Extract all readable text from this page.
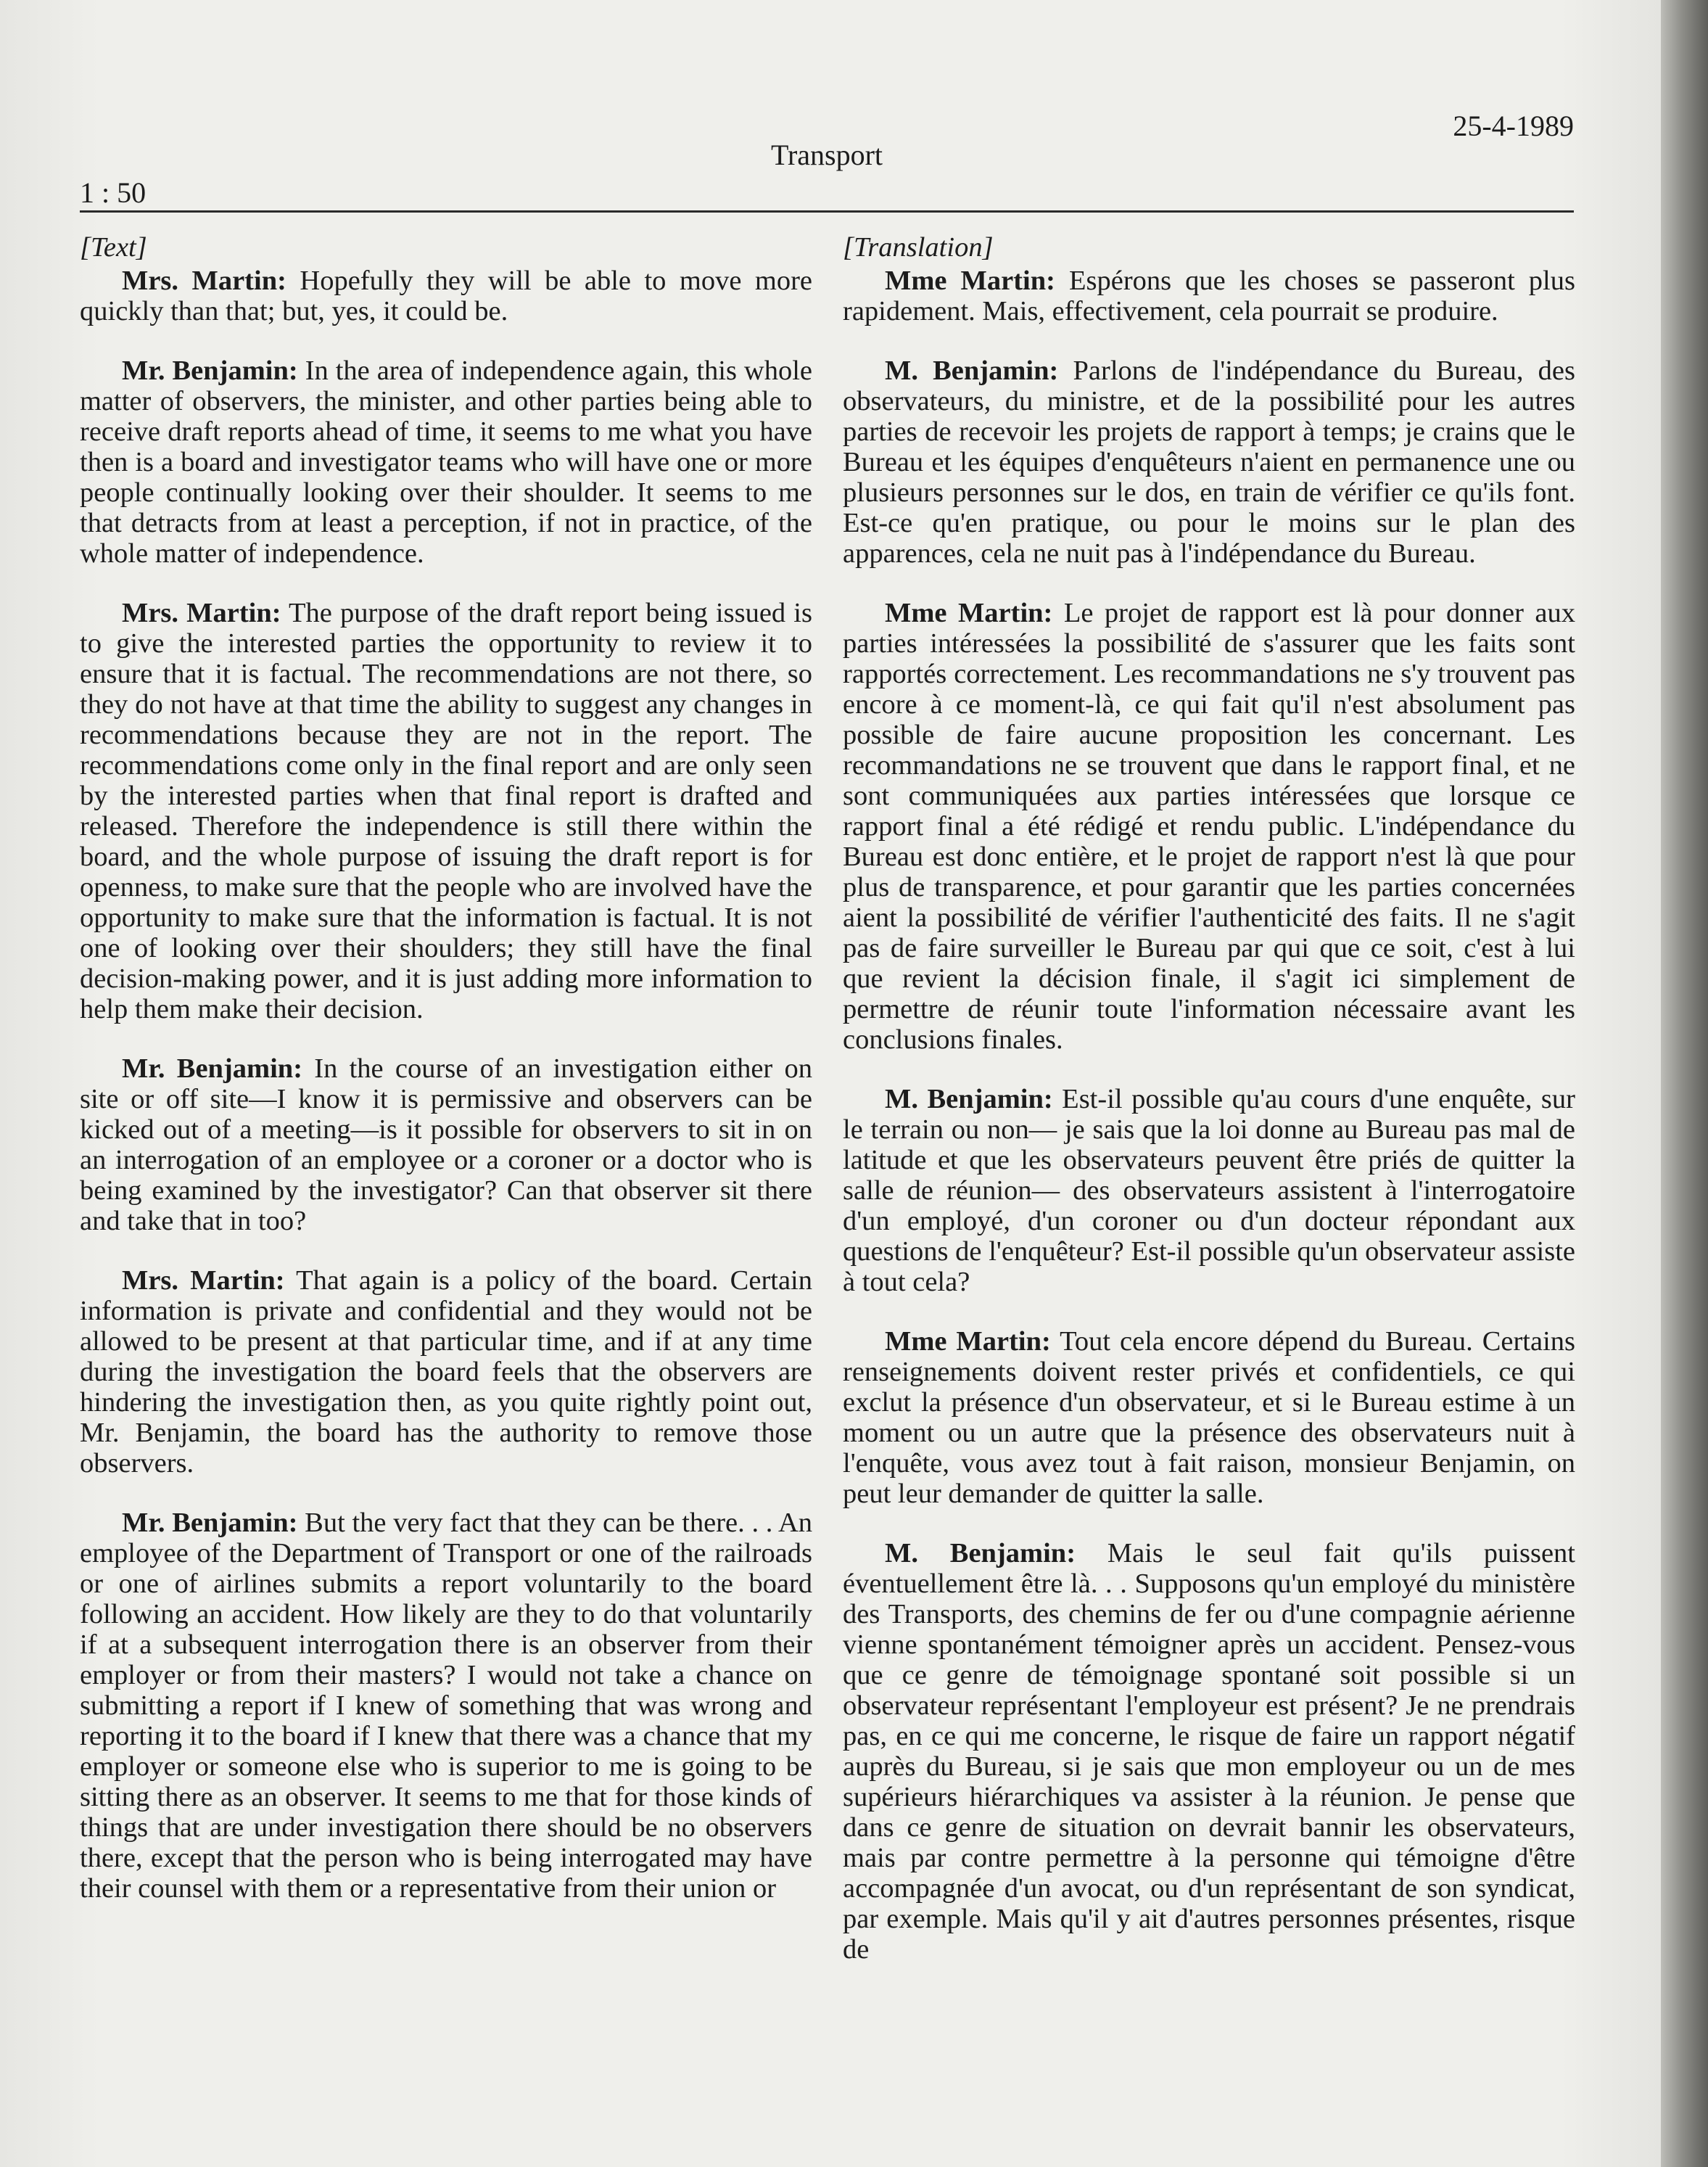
25-4-1989
Transport
1 : 50
[Text]

Mrs. Martin: Hopefully they will be able to move more quickly than that; but, yes, it could be.

Mr. Benjamin: In the area of independence again, this whole matter of observers, the minister, and other parties being able to receive draft reports ahead of time, it seems to me what you have then is a board and investigator teams who will have one or more people continually looking over their shoulder. It seems to me that detracts from at least a perception, if not in practice, of the whole matter of independence.

Mrs. Martin: The purpose of the draft report being issued is to give the interested parties the opportunity to review it to ensure that it is factual. The recommendations are not there, so they do not have at that time the ability to suggest any changes in recommendations because they are not in the report. The recommendations come only in the final report and are only seen by the interested parties when that final report is drafted and released. Therefore the independence is still there within the board, and the whole purpose of issuing the draft report is for openness, to make sure that the people who are involved have the opportunity to make sure that the information is factual. It is not one of looking over their shoulders; they still have the final decision-making power, and it is just adding more information to help them make their decision.

Mr. Benjamin: In the course of an investigation either on site or off site—I know it is permissive and observers can be kicked out of a meeting—is it possible for observers to sit in on an interrogation of an employee or a coroner or a doctor who is being examined by the investigator? Can that observer sit there and take that in too?

Mrs. Martin: That again is a policy of the board. Certain information is private and confidential and they would not be allowed to be present at that particular time, and if at any time during the investigation the board feels that the observers are hindering the investigation then, as you quite rightly point out, Mr. Benjamin, the board has the authority to remove those observers.

Mr. Benjamin: But the very fact that they can be there. . . An employee of the Department of Transport or one of the railroads or one of airlines submits a report voluntarily to the board following an accident. How likely are they to do that voluntarily if at a subsequent interrogation there is an observer from their employer or from their masters? I would not take a chance on submitting a report if I knew of something that was wrong and reporting it to the board if I knew that there was a chance that my employer or someone else who is superior to me is going to be sitting there as an observer. It seems to me that for those kinds of things that are under investigation there should be no observers there, except that the person who is being interrogated may have their counsel with them or a representative from their union or

[Translation]

Mme Martin: Espérons que les choses se passeront plus rapidement. Mais, effectivement, cela pourrait se produire.

M. Benjamin: Parlons de l'indépendance du Bureau, des observateurs, du ministre, et de la possibilité pour les autres parties de recevoir les projets de rapport à temps; je crains que le Bureau et les équipes d'enquêteurs n'aient en permanence une ou plusieurs personnes sur le dos, en train de vérifier ce qu'ils font. Est-ce qu'en pratique, ou pour le moins sur le plan des apparences, cela ne nuit pas à l'indépendance du Bureau.

Mme Martin: Le projet de rapport est là pour donner aux parties intéressées la possibilité de s'assurer que les faits sont rapportés correctement. Les recommandations ne s'y trouvent pas encore à ce moment-là, ce qui fait qu'il n'est absolument pas possible de faire aucune proposition les concernant. Les recommandations ne se trouvent que dans le rapport final, et ne sont communiquées aux parties intéressées que lorsque ce rapport final a été rédigé et rendu public. L'indépendance du Bureau est donc entière, et le projet de rapport n'est là que pour plus de transparence, et pour garantir que les parties concernées aient la possibilité de vérifier l'authenticité des faits. Il ne s'agit pas de faire surveiller le Bureau par qui que ce soit, c'est à lui que revient la décision finale, il s'agit ici simplement de permettre de réunir toute l'information nécessaire avant les conclusions finales.

M. Benjamin: Est-il possible qu'au cours d'une enquête, sur le terrain ou non— je sais que la loi donne au Bureau pas mal de latitude et que les observateurs peuvent être priés de quitter la salle de réunion— des observateurs assistent à l'interrogatoire d'un employé, d'un coroner ou d'un docteur répondant aux questions de l'enquêteur? Est-il possible qu'un observateur assiste à tout cela?

Mme Martin: Tout cela encore dépend du Bureau. Certains renseignements doivent rester privés et confidentiels, ce qui exclut la présence d'un observateur, et si le Bureau estime à un moment ou un autre que la présence des observateurs nuit à l'enquête, vous avez tout à fait raison, monsieur Benjamin, on peut leur demander de quitter la salle.

M. Benjamin: Mais le seul fait qu'ils puissent éventuellement être là. . . Supposons qu'un employé du ministère des Transports, des chemins de fer ou d'une compagnie aérienne vienne spontanément témoigner après un accident. Pensez-vous que ce genre de témoignage spontané soit possible si un observateur représentant l'employeur est présent? Je ne prendrais pas, en ce qui me concerne, le risque de faire un rapport négatif auprès du Bureau, si je sais que mon employeur ou un de mes supérieurs hiérarchiques va assister à la réunion. Je pense que dans ce genre de situation on devrait bannir les observateurs, mais par contre permettre à la personne qui témoigne d'être accompagnée d'un avocat, ou d'un représentant de son syndicat, par exemple. Mais qu'il y ait d'autres personnes présentes, risque de
